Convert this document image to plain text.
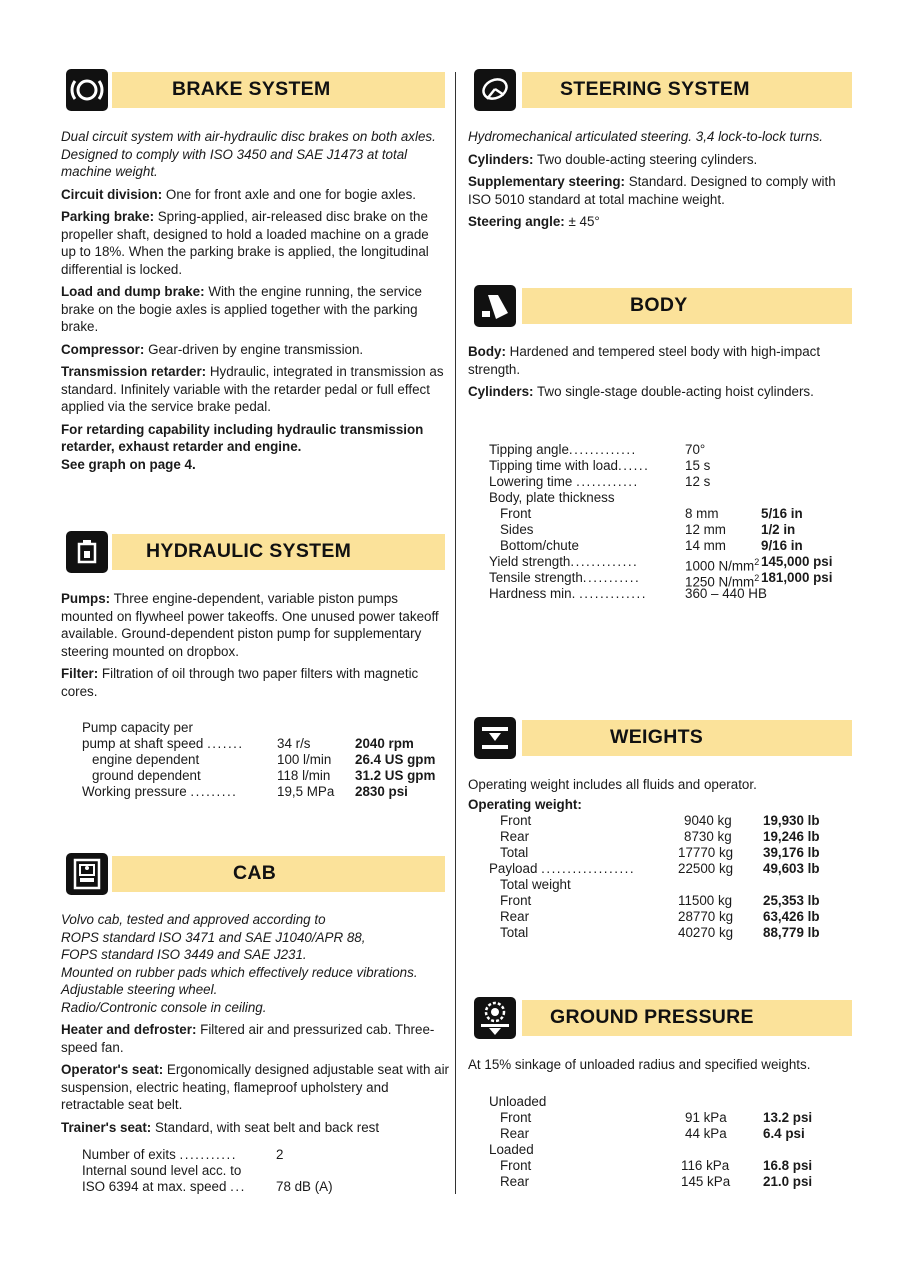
BRAKE SYSTEM

Dual circuit system with air-hydraulic disc brakes on both axles. Designed to comply with ISO 3450 and SAE J1473 at total machine weight.

Circuit division: One for front axle and one for bogie axles.

Parking brake: Spring-applied, air-released disc brake on the propeller shaft, designed to hold a loaded machine on a grade up to 18%. When the parking brake is applied, the longitudinal differential is locked.

Load and dump brake: With the engine running, the service brake on the bogie axles is applied together with the parking brake.

Compressor: Gear-driven by engine transmission.

Transmission retarder: Hydraulic, integrated in transmission as standard. Infinitely variable with the retarder pedal or full effect applied via the service brake pedal.

For retarding capability including hydraulic transmission
retarder, exhaust retarder and engine.
See graph on page 4.

HYDRAULIC SYSTEM

Pumps: Three engine-dependent, variable piston pumps mounted on flywheel power takeoffs. One unused power takeoff available. Ground-dependent piston pump for supplementary steering mounted on dropbox.

Filter: Filtration of oil through two paper filters with magnetic cores.

Pump capacity per
pump at shaft speed ....... 34 r/s	2040 rpm
engine dependent	100 l/min 26.4 US gpm
ground dependent	118 l/min 31.2 US gpm
Working pressure .........	19,5 MPa 2830 psi
CAB

Volvo cab, tested and approved according to
ROPS standard ISO 3471 and SAE J1040/APR 88,
FOPS standard ISO 3449 and SAE J231.
Mounted on rubber pads which effectively reduce vibrations.
Adjustable steering wheel.
Radio/Contronic console in ceiling.

Heater and defroster: Filtered air and pressurized cab. Three-speed fan.

Operator's seat: Ergonomically designed adjustable seat with air suspension, electric heating, flameproof upholstery and retractable seat belt.

Trainer's seat: Standard, with seat belt and back rest

Number of exits ...........	2
Internal sound level acc. to
ISO 6394 at max. speed ... 78 dB (A)
STEERING SYSTEM

Hydromechanical articulated steering. 3,4 lock-to-lock turns.

Cylinders: Two double-acting steering cylinders.

Supplementary steering: Standard. Designed to comply with ISO 5010 standard at total machine weight.

Steering angle: ± 45°

BODY

Body: Hardened and tempered steel body with high-impact strength.

Cylinders: Two single-stage double-acting hoist cylinders.

Tipping angle.............	70°
Tipping time with load......	15 s
Lowering time ............	12 s
Body, plate thickness
Front	8 mm	5/16 in
Sides	12 mm	1/2 in
Bottom/chute	14 mm	9/16 in
Yield strength.............	1000 $N/mm^2$ 145,000 psi
Tensile strength...........	1250 $N/mm^2$ 181,000 psi
Hardness min. .............	360 – 440 HB
WEIGHTS

Operating weight includes all fluids and operator.

Operating weight:
Front	9040 kg 19,930 lb
Rear	8730 kg 19,246 lb
Total	17770 kg 39,176 lb
Payload ..................	22500 kg 49,603 lb
Total weight
Front	11500 kg 25,353 lb
Rear	28770 kg 63,426 lb
Total	40270 kg 88,779 lb
GROUND PRESSURE

At 15% sinkage of unloaded radius and specified weights.

Unloaded
Front	91 kPa	13.2 psi
Rear	44 kPa	6.4 psi
Loaded
Front	116 kPa	16.8 psi
Rear	145 kPa 21.0 psi
